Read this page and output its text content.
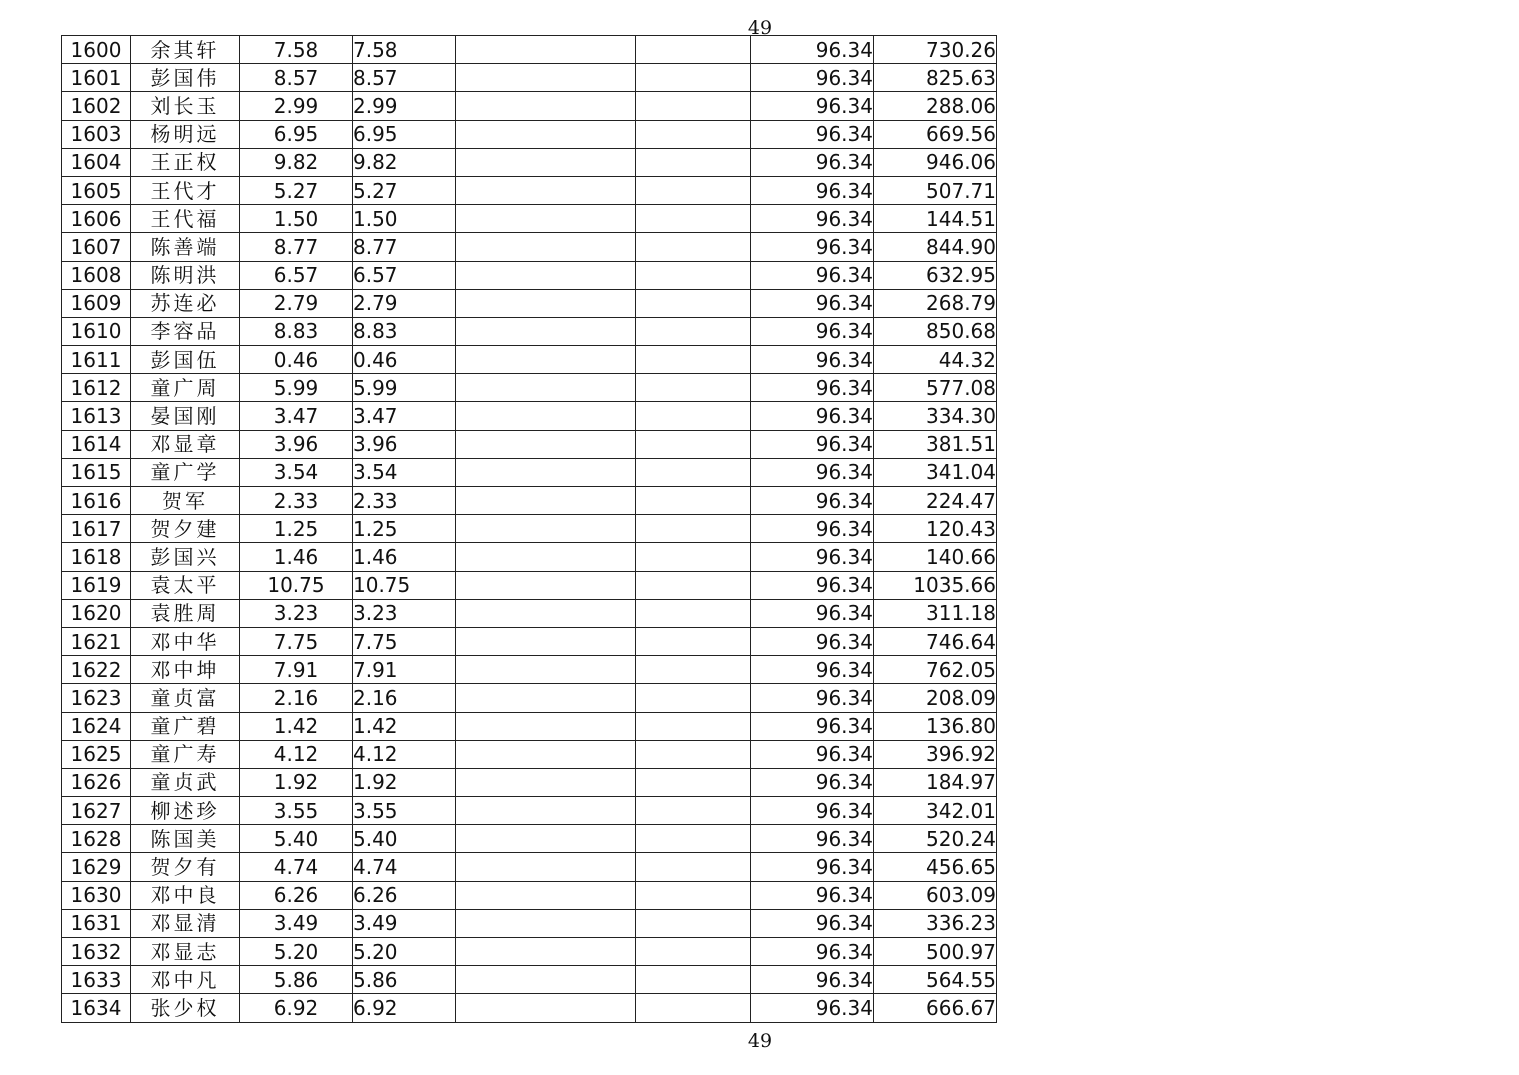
49
1600	余其轩	7.58	7.58			96.34	730.26
1601	彭国伟	8.57	8.57			96.34	825.63
1602	刘长玉	2.99	2.99			96.34	288.06
1603	杨明远	6.95	6.95			96.34	669.56
1604	王正权	9.82	9.82			96.34	946.06
1605	王代才	5.27	5.27			96.34	507.71
1606	王代福	1.50	1.50			96.34	144.51
1607	陈善端	8.77	8.77			96.34	844.90
1608	陈明洪	6.57	6.57			96.34	632.95
1609	苏连必	2.79	2.79			96.34	268.79
1610	李容品	8.83	8.83			96.34	850.68
1611	彭国伍	0.46	0.46			96.34	44.32
1612	童广周	5.99	5.99			96.34	577.08
1613	晏国刚	3.47	3.47			96.34	334.30
1614	邓显章	3.96	3.96			96.34	381.51
1615	童广学	3.54	3.54			96.34	341.04
1616	贺军	2.33	2.33			96.34	224.47
1617	贺夕建	1.25	1.25			96.34	120.43
1618	彭国兴	1.46	1.46			96.34	140.66
1619	袁太平	10.75	10.75			96.34	1035.66
1620	袁胜周	3.23	3.23			96.34	311.18
1621	邓中华	7.75	7.75			96.34	746.64
1622	邓中坤	7.91	7.91			96.34	762.05
1623	童贞富	2.16	2.16			96.34	208.09
1624	童广碧	1.42	1.42			96.34	136.80
1625	童广寿	4.12	4.12			96.34	396.92
1626	童贞武	1.92	1.92			96.34	184.97
1627	柳述珍	3.55	3.55			96.34	342.01
1628	陈国美	5.40	5.40			96.34	520.24
1629	贺夕有	4.74	4.74			96.34	456.65
1630	邓中良	6.26	6.26			96.34	603.09
1631	邓显清	3.49	3.49			96.34	336.23
1632	邓显志	5.20	5.20			96.34	500.97
1633	邓中凡	5.86	5.86			96.34	564.55
1634	张少权	6.92	6.92			96.34	666.67
49
